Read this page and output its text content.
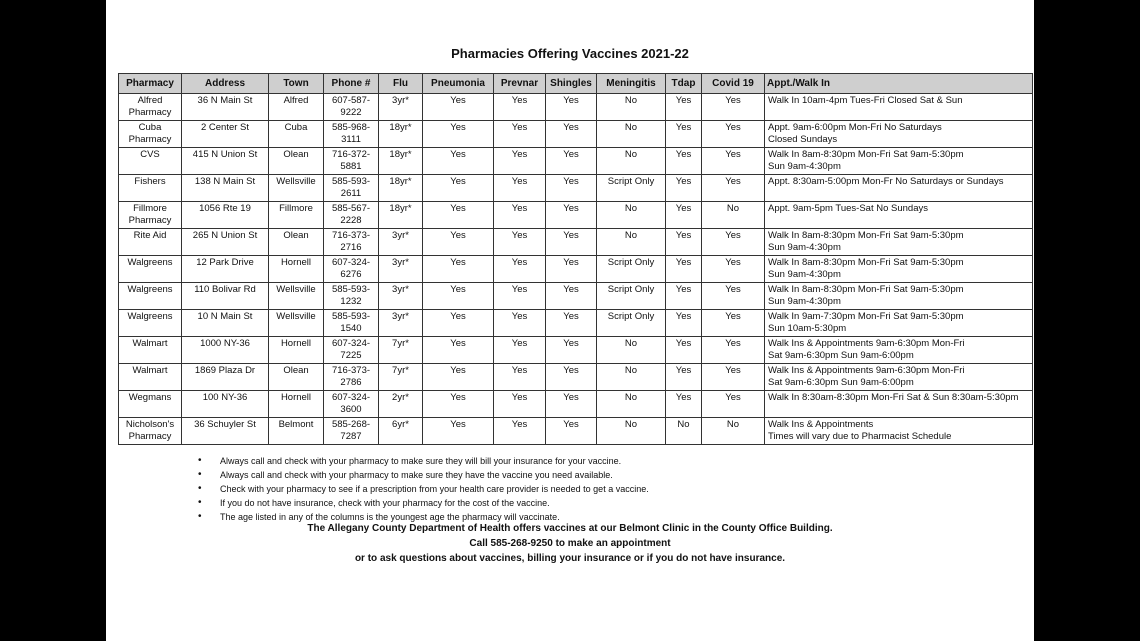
Pharmacies Offering Vaccines 2021-22
Pharmacy	Address	Town	Phone #	Flu	Pneumonia	Prevnar	Shingles	Meningitis	Tdap	Covid 19	Appt./Walk In
Alfred Pharmacy	36 N Main St	Alfred	607-587-9222	3yr*	Yes	Yes	Yes	No	Yes	Yes	Walk In 10am-4pm Tues-Fri Closed Sat & Sun
Cuba Pharmacy	2 Center St	Cuba	585-968-3111	18yr*	Yes	Yes	Yes	No	Yes	Yes	Appt. 9am-6:00pm Mon-Fri No Saturdays
Closed Sundays
CVS	415 N Union St	Olean	716-372-5881	18yr*	Yes	Yes	Yes	No	Yes	Yes	Walk In 8am-8:30pm Mon-Fri Sat 9am-5:30pm
Sun 9am-4:30pm
Fishers	138 N Main St	Wellsville	585-593-2611	18yr*	Yes	Yes	Yes	Script Only	Yes	Yes	Appt. 8:30am-5:00pm Mon-Fr No Saturdays or Sundays
Fillmore Pharmacy	1056 Rte 19	Fillmore	585-567-2228	18yr*	Yes	Yes	Yes	No	Yes	No	Appt. 9am-5pm Tues-Sat No Sundays
Rite Aid	265 N Union St	Olean	716-373-2716	3yr*	Yes	Yes	Yes	No	Yes	Yes	Walk In 8am-8:30pm Mon-Fri Sat 9am-5:30pm
Sun 9am-4:30pm
Walgreens	12 Park Drive	Hornell	607-324-6276	3yr*	Yes	Yes	Yes	Script Only	Yes	Yes	Walk In 8am-8:30pm Mon-Fri Sat 9am-5:30pm
Sun 9am-4:30pm
Walgreens	110 Bolivar Rd	Wellsville	585-593-1232	3yr*	Yes	Yes	Yes	Script Only	Yes	Yes	Walk In 8am-8:30pm Mon-Fri Sat 9am-5:30pm
Sun 9am-4:30pm
Walgreens	10 N Main St	Wellsville	585-593-1540	3yr*	Yes	Yes	Yes	Script Only	Yes	Yes	Walk In 9am-7:30pm Mon-Fri Sat 9am-5:30pm
Sun 10am-5:30pm
Walmart	1000 NY-36	Hornell	607-324-7225	7yr*	Yes	Yes	Yes	No	Yes	Yes	Walk Ins & Appointments 9am-6:30pm Mon-Fri
Sat 9am-6:30pm Sun 9am-6:00pm
Walmart	1869 Plaza Dr	Olean	716-373-2786	7yr*	Yes	Yes	Yes	No	Yes	Yes	Walk Ins & Appointments 9am-6:30pm Mon-Fri
Sat 9am-6:30pm Sun 9am-6:00pm
Wegmans	100 NY-36	Hornell	607-324-3600	2yr*	Yes	Yes	Yes	No	Yes	Yes	Walk In 8:30am-8:30pm Mon-Fri Sat & Sun 8:30am-5:30pm
Nicholson's Pharmacy	36 Schuyler St	Belmont	585-268-7287	6yr*	Yes	Yes	Yes	No	No	No	Walk Ins & Appointments
Times will vary due to Pharmacist Schedule
• Always call and check with your pharmacy to make sure they will bill your insurance for your vaccine.
• Always call and check with your pharmacy to make sure they have the vaccine you need available.
• Check with your pharmacy to see if a prescription from your health care provider is needed to get a vaccine.
• If you do not have insurance, check with your pharmacy for the cost of the vaccine.
• The age listed in any of the columns is the youngest age the pharmacy will vaccinate.
The Allegany County Department of Health offers vaccines at our Belmont Clinic in the County Office Building.
Call 585-268-9250 to make an appointment
or to ask questions about vaccines, billing your insurance or if you do not have insurance.
